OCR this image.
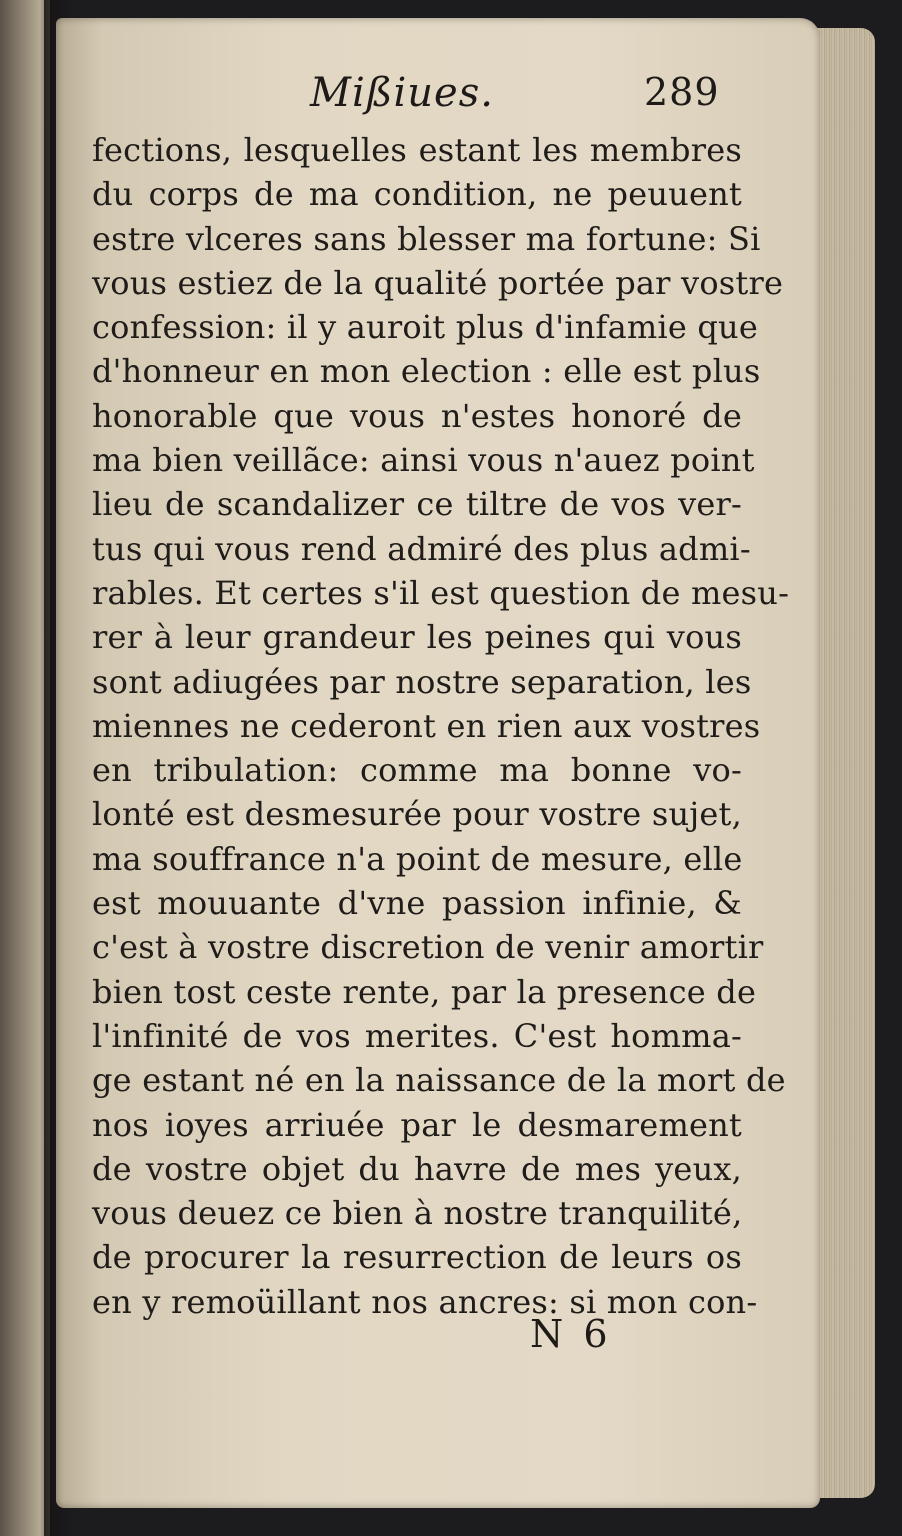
Mißiues.	289
fections, lesquelles estant les membres
du corps de ma condition, ne peuuent
estre vlceres sans blesser ma fortune: Si
vous estiez de la qualité portée par vostre
confession: il y auroit plus d'infamie que
d'honneur en mon election : elle est plus
honorable que vous n'estes honoré de
ma bien veillãce: ainsi vous n'auez point
lieu de scandalizer ce tiltre de vos ver-
tus qui vous rend admiré des plus admi-
rables. Et certes s'il est question de mesu-
rer à leur grandeur les peines qui vous
sont adiugées par nostre separation, les
miennes ne cederont en rien aux vostres
en tribulation: comme ma bonne vo-
lonté est desmesurée pour vostre sujet,
ma souffrance n'a point de mesure, elle
est mouuante d'vne passion infinie, &
c'est à vostre discretion de venir amortir
bien tost ceste rente, par la presence de
l'infinité de vos merites. C'est homma-
ge estant né en la naissance de la mort de
nos ioyes arriuée par le desmarement
de vostre objet du havre de mes yeux,
vous deuez ce bien à nostre tranquilité,
de procurer la resurrection de leurs os
en y remoüillant nos ancres: si mon con-
N 6
